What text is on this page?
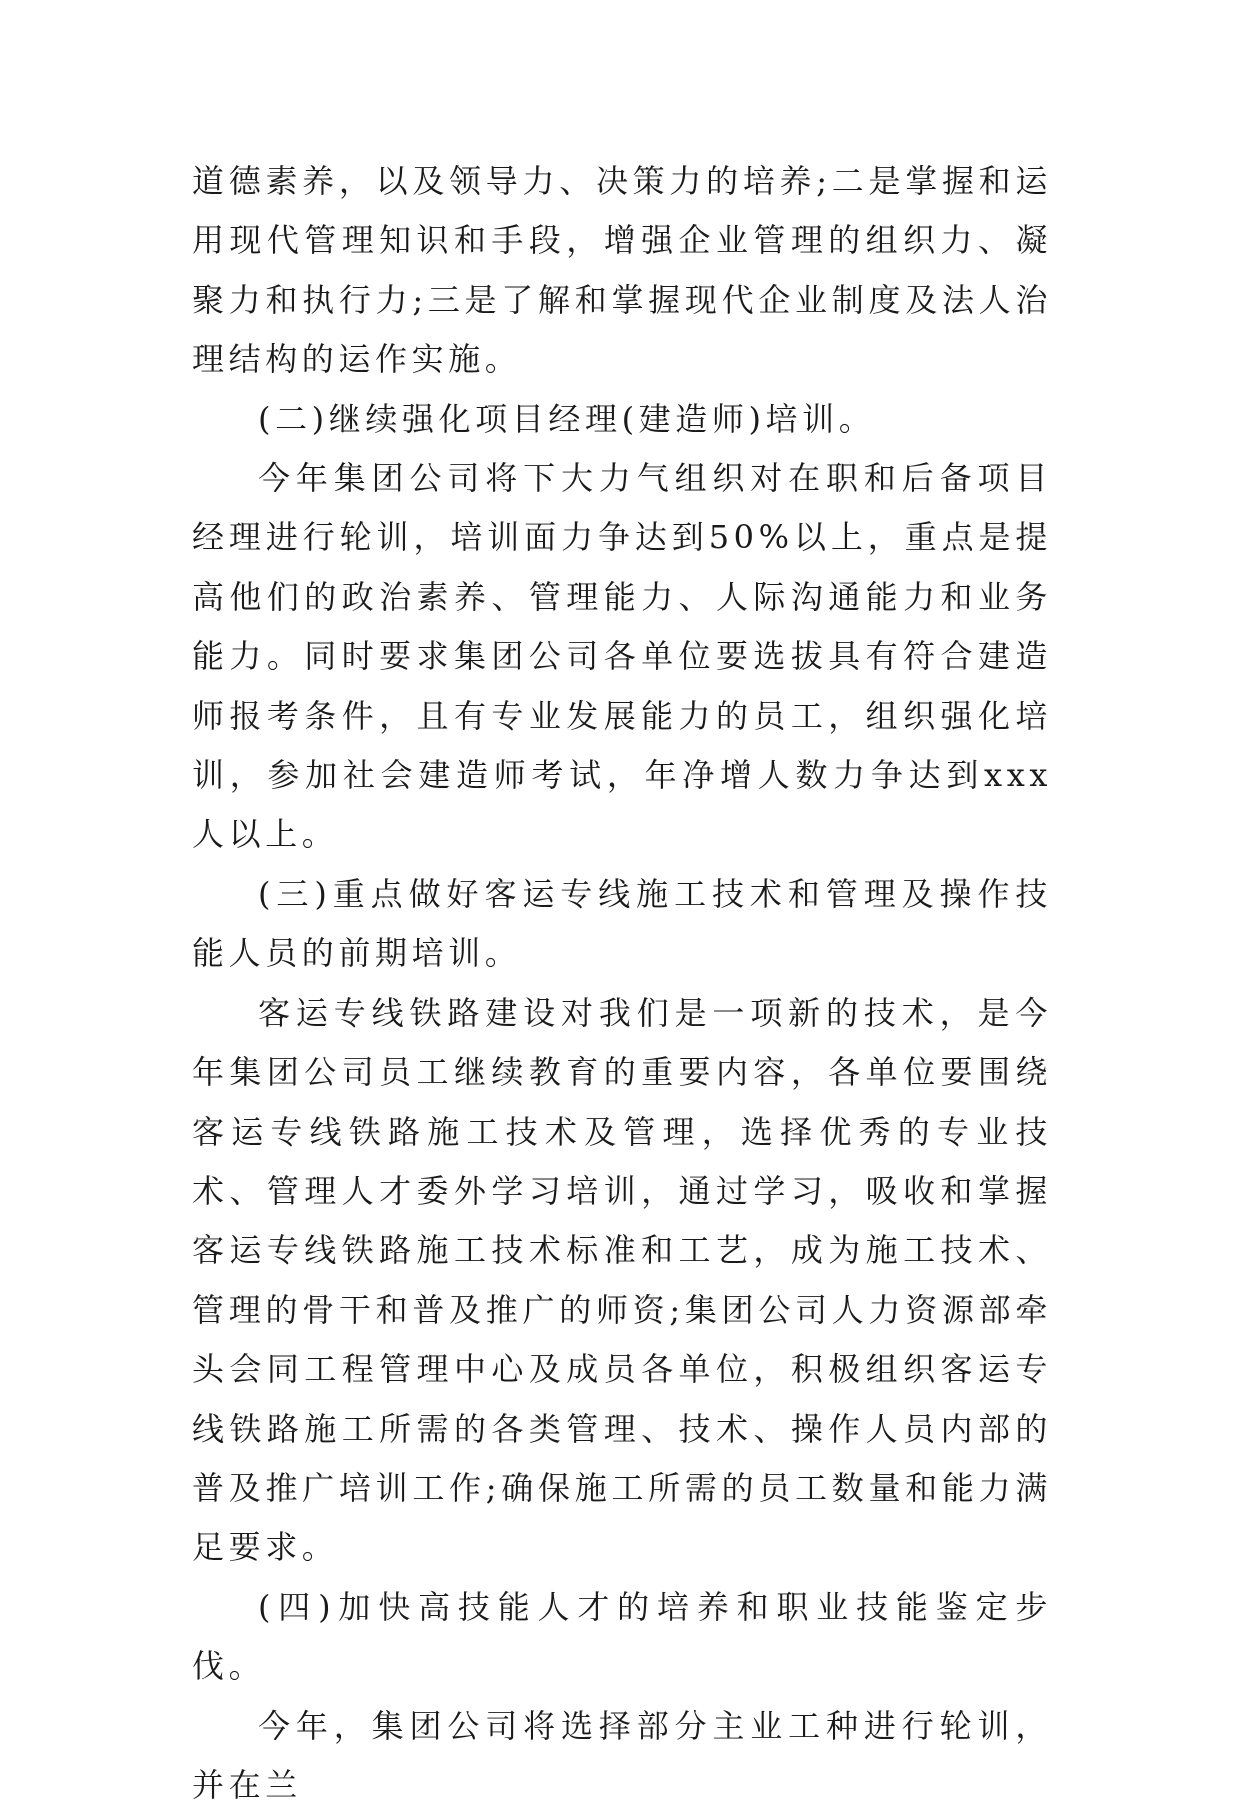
道德素养，以及领导力、决策力的培养;二是掌握和运用现代管理知识和手段，增强企业管理的组织力、凝聚力和执行力;三是了解和掌握现代企业制度及法人治理结构的运作实施。

(二)继续强化项目经理(建造师)培训。

今年集团公司将下大力气组织对在职和后备项目经理进行轮训，培训面力争达到50%以上，重点是提高他们的政治素养、管理能力、人际沟通能力和业务能力。同时要求集团公司各单位要选拔具有符合建造师报考条件，且有专业发展能力的员工，组织强化培训，参加社会建造师考试，年净增人数力争达到xxx 人以上。

(三)重点做好客运专线施工技术和管理及操作技能人员的前期培训。

客运专线铁路建设对我们是一项新的技术，是今年集团公司员工继续教育的重要内容，各单位要围绕客运专线铁路施工技术及管理，选择优秀的专业技术、管理人才委外学习培训，通过学习，吸收和掌握客运专线铁路施工技术标准和工艺，成为施工技术、管理的骨干和普及推广的师资;集团公司人力资源部牵头会同工程管理中心及成员各单位，积极组织客运专线铁路施工所需的各类管理、技术、操作人员内部的普及推广培训工作;确保施工所需的员工数量和能力满足要求。

(四)加快高技能人才的培养和职业技能鉴定步伐。

今年，集团公司将选择部分主业工种进行轮训，并在兰
